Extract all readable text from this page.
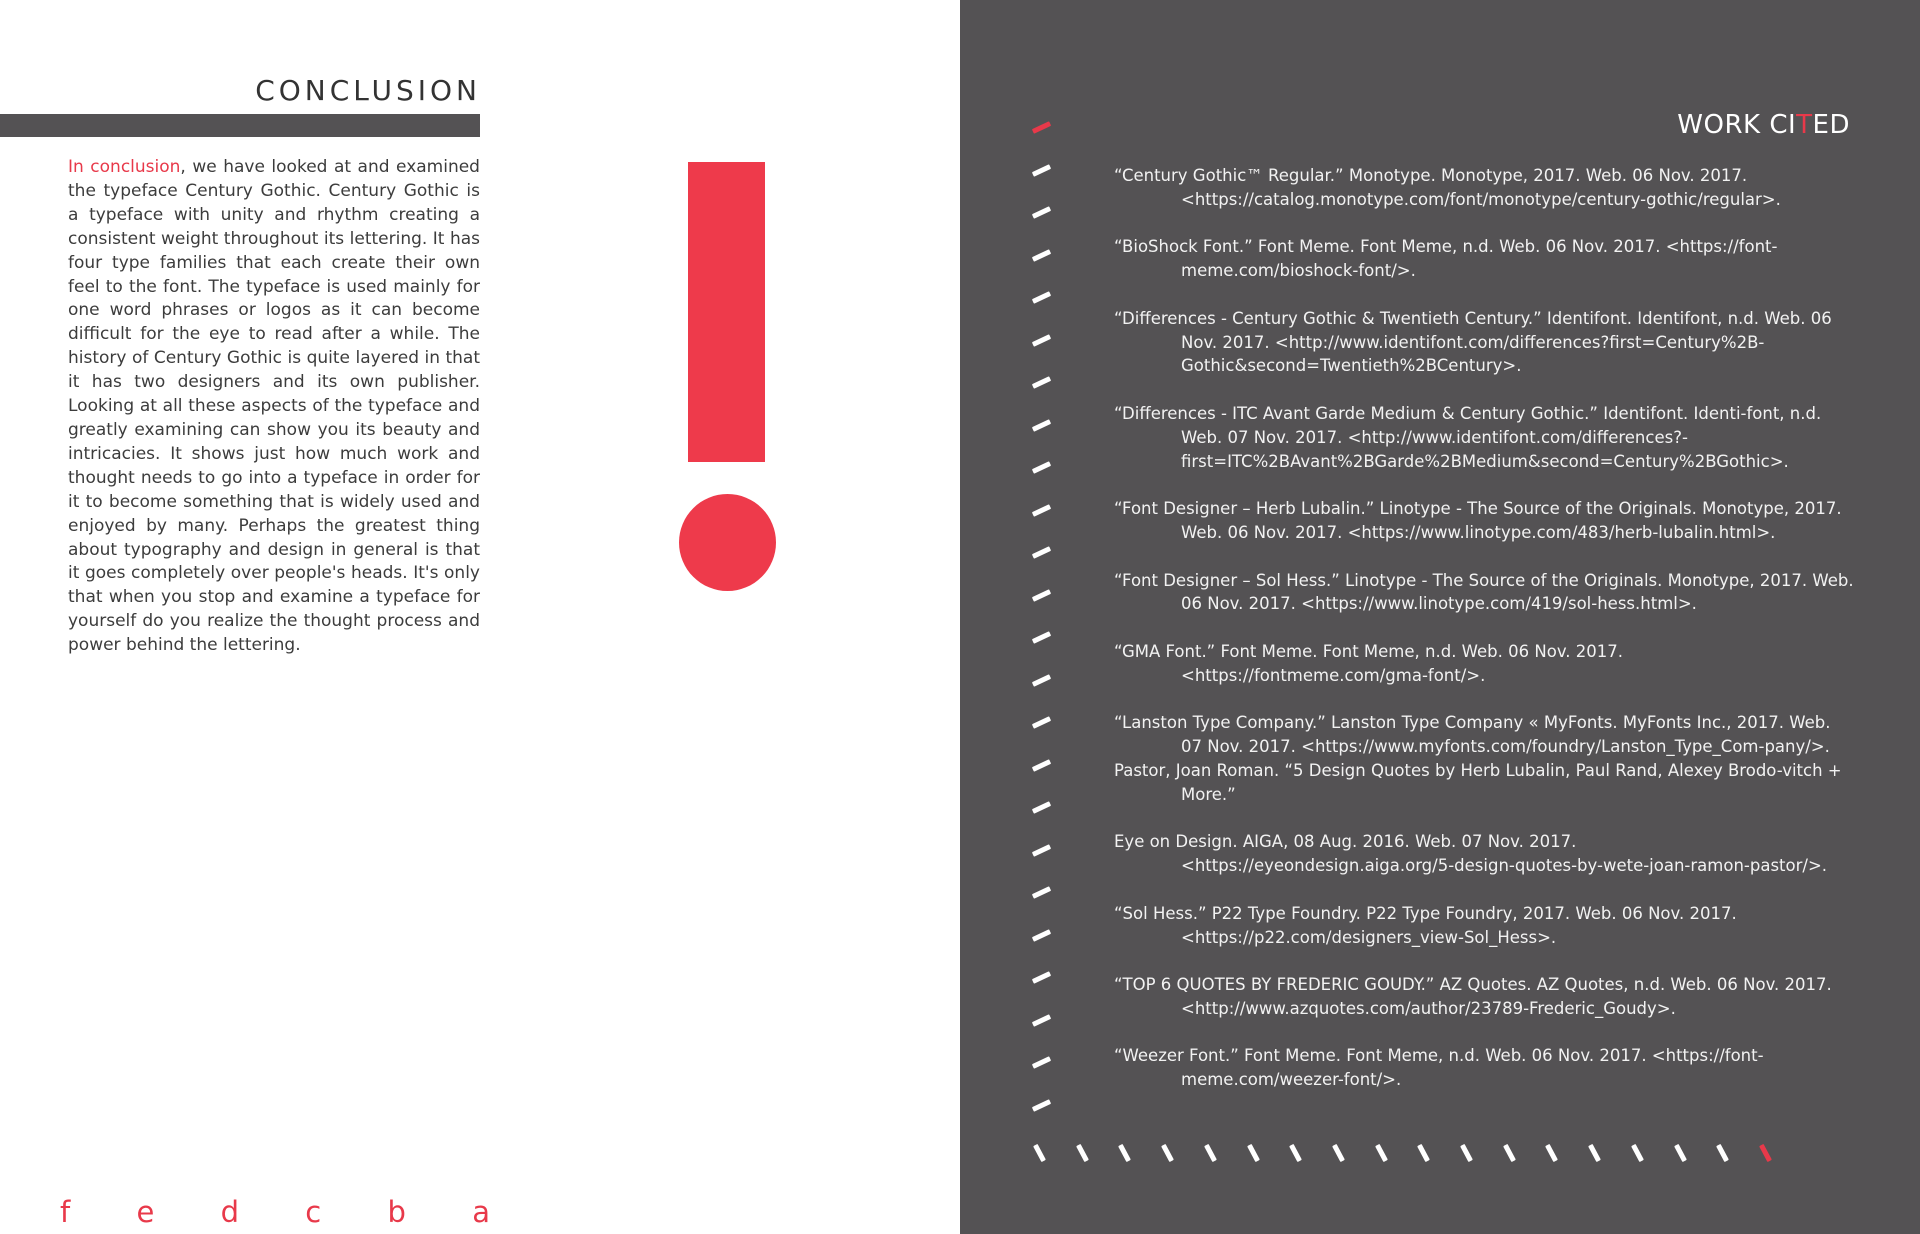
CONCLUSION

In conclusion, we have looked at and examined the typeface Century Gothic. Century Gothic is a typeface with unity and rhythm creating a consistent weight throughout its lettering. It has four type families that each create their own feel to the font. The typeface is used mainly for one word phrases or logos as it can become difficult for the eye to read after a while. The history of Century Gothic is quite layered in that it has two designers and its own publisher. Looking at all these aspects of the typeface and greatly examining can show you its beauty and intricacies. It shows just how much work and thought needs to go into a typeface in order for it to become something that is widely used and enjoyed by many. Perhaps the greatest thing about typography and design in general is that it goes completely over people's heads. It's only that when you stop and examine a typeface for yourself do you realize the thought process and power behind the lettering.

f e d c b a
WORK CITED

“Century Gothic™ Regular.” Monotype. Monotype, 2017. Web. 06 Nov. 2017. <https://catalog.monotype.com/font/monotype/century-gothic/regular>.

“BioShock Font.” Font Meme. Font Meme, n.d. Web. 06 Nov. 2017. <https://font-meme.com/bioshock-font/>.

“Differences - Century Gothic & Twentieth Century.” Identifont. Identifont, n.d. Web. 06 Nov. 2017. <http://www.identifont.com/differences?first=Century%2B-Gothic&second=Twentieth%2BCentury>.

“Differences - ITC Avant Garde Medium & Century Gothic.” Identifont. Identi-font, n.d. Web. 07 Nov. 2017. <http://www.identifont.com/differences?-first=ITC%2BAvant%2BGarde%2BMedium&second=Century%2BGothic>.

“Font Designer – Herb Lubalin.” Linotype - The Source of the Originals. Monotype, 2017. Web. 06 Nov. 2017. <https://www.linotype.com/483/herb-lubalin.html>.

“Font Designer – Sol Hess.” Linotype - The Source of the Originals. Monotype, 2017. Web. 06 Nov. 2017. <https://www.linotype.com/419/sol-hess.html>.

“GMA Font.” Font Meme. Font Meme, n.d. Web. 06 Nov. 2017. <https://fontmeme.com/gma-font/>.

“Lanston Type Company.” Lanston Type Company « MyFonts. MyFonts Inc., 2017. Web. 07 Nov. 2017. <https://www.myfonts.com/foundry/Lanston_Type_Com-pany/>.

Pastor, Joan Roman. “5 Design Quotes by Herb Lubalin, Paul Rand, Alexey Brodo-vitch + More.”

Eye on Design. AIGA, 08 Aug. 2016. Web. 07 Nov. 2017. <https://eyeondesign.aiga.org/5-design-quotes-by-wete-joan-ramon-pastor/>.

“Sol Hess.” P22 Type Foundry. P22 Type Foundry, 2017. Web. 06 Nov. 2017. <https://p22.com/designers_view-Sol_Hess>.

“TOP 6 QUOTES BY FREDERIC GOUDY.” AZ Quotes. AZ Quotes, n.d. Web. 06 Nov. 2017. <http://www.azquotes.com/author/23789-Frederic_Goudy>.

“Weezer Font.” Font Meme. Font Meme, n.d. Web. 06 Nov. 2017. <https://font-meme.com/weezer-font/>.
